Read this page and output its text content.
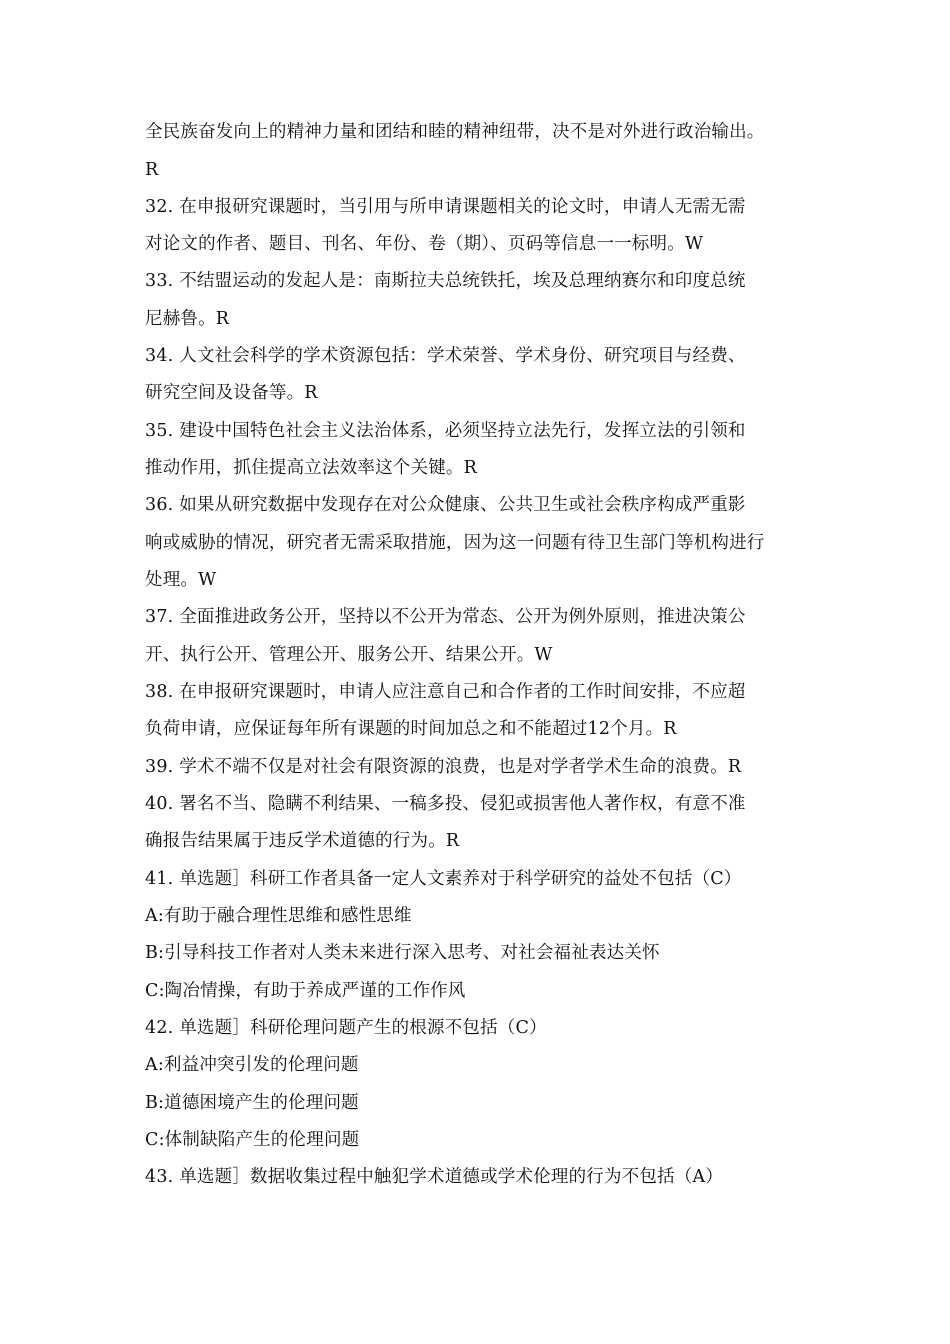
全民族奋发向上的精神力量和团结和睦的精神纽带，决不是对外进行政治输出。
R
32. 在申报研究课题时，当引用与所申请课题相关的论文时，申请人无需无需
对论文的作者、题目、刊名、年份、卷（期）、页码等信息一一标明。W
33. 不结盟运动的发起人是：南斯拉夫总统铁托，埃及总理纳赛尔和印度总统
尼赫鲁。R
34. 人文社会科学的学术资源包括：学术荣誉、学术身份、研究项目与经费、
研究空间及设备等。R
35. 建设中国特色社会主义法治体系，必须坚持立法先行，发挥立法的引领和
推动作用，抓住提高立法效率这个关键。R
36. 如果从研究数据中发现存在对公众健康、公共卫生或社会秩序构成严重影
响或威胁的情况，研究者无需采取措施，因为这一问题有待卫生部门等机构进行
处理。W
37. 全面推进政务公开，坚持以不公开为常态、公开为例外原则，推进决策公
开、执行公开、管理公开、服务公开、结果公开。W
38. 在申报研究课题时，申请人应注意自己和合作者的工作时间安排，不应超
负荷申请，应保证每年所有课题的时间加总之和不能超过12个月。R
39. 学术不端不仅是对社会有限资源的浪费，也是对学者学术生命的浪费。R
40. 署名不当、隐瞒不利结果、一稿多投、侵犯或损害他人著作权，有意不准
确报告结果属于违反学术道德的行为。R
41. 单选题］科研工作者具备一定人文素养对于科学研究的益处不包括（C）
A:有助于融合理性思维和感性思维
B:引导科技工作者对人类未来进行深入思考、对社会福祉表达关怀
C:陶冶情操，有助于养成严谨的工作作风
42. 单选题］科研伦理问题产生的根源不包括（C）
A:利益冲突引发的伦理问题
B:道德困境产生的伦理问题
C:体制缺陷产生的伦理问题
43. 单选题］数据收集过程中触犯学术道德或学术伦理的行为不包括（A）
